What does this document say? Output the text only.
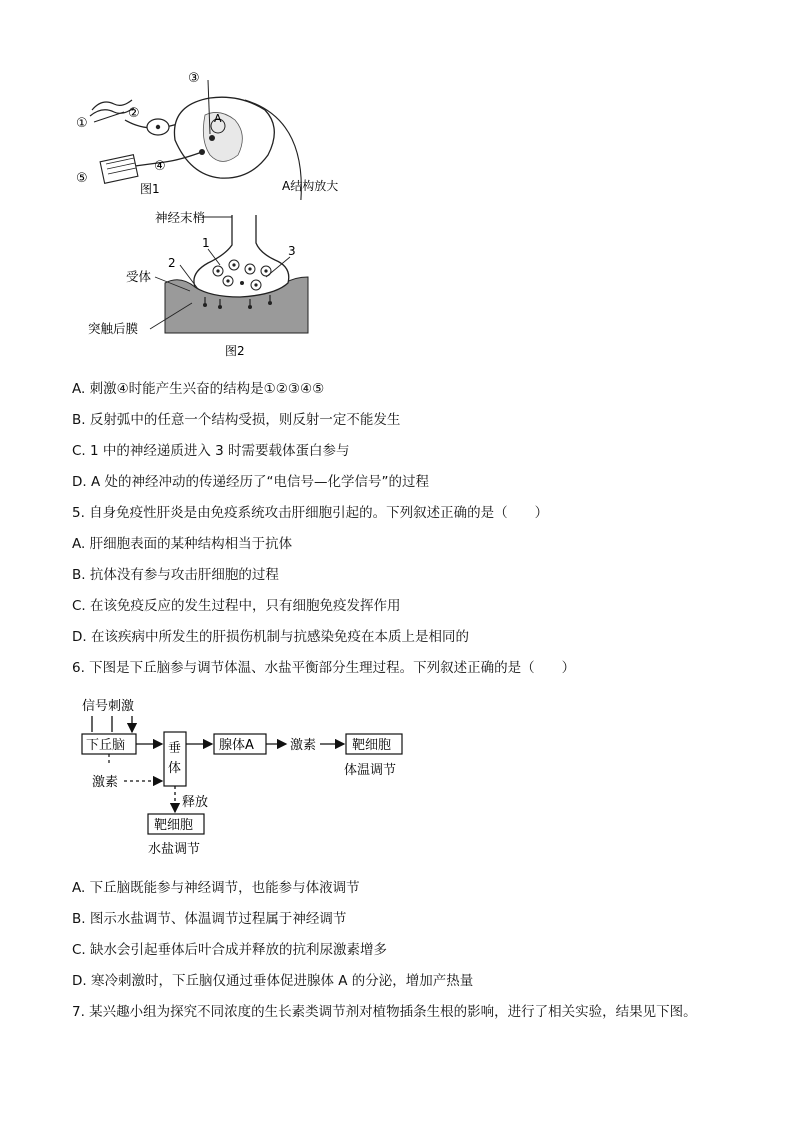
①
②
③
④
⑤
A
A结构放大
图1
神经末梢
1
2
3
受体
突触后膜
图2
A. 刺激④时能产生兴奋的结构是①②③④⑤
B. 反射弧中的任意一个结构受损，则反射一定不能发生
C. 1 中的神经递质进入 3 时需要载体蛋白参与
D. A 处的神经冲动的传递经历了“电信号—化学信号”的过程
5. 自身免疫性肝炎是由免疫系统攻击肝细胞引起的。下列叙述正确的是（　　）
A. 肝细胞表面的某种结构相当于抗体
B. 抗体没有参与攻击肝细胞的过程
C. 在该免疫反应的发生过程中，只有细胞免疫发挥作用
D. 在该疾病中所发生的肝损伤机制与抗感染免疫在本质上是相同的
6. 下图是下丘脑参与调节体温、水盐平衡部分生理过程。下列叙述正确的是（　　）
信号刺激
下丘脑	垂
体
腺体A	激素	靶细胞
体温调节
激素
释放
靶细胞
水盐调节
A. 下丘脑既能参与神经调节，也能参与体液调节
B. 图示水盐调节、体温调节过程属于神经调节
C. 缺水会引起垂体后叶合成并释放的抗利尿激素增多
D. 寒冷刺激时，下丘脑仅通过垂体促进腺体 A 的分泌，增加产热量
7. 某兴趣小组为探究不同浓度的生长素类调节剂对植物插条生根的影响，进行了相关实验，结果见下图。
